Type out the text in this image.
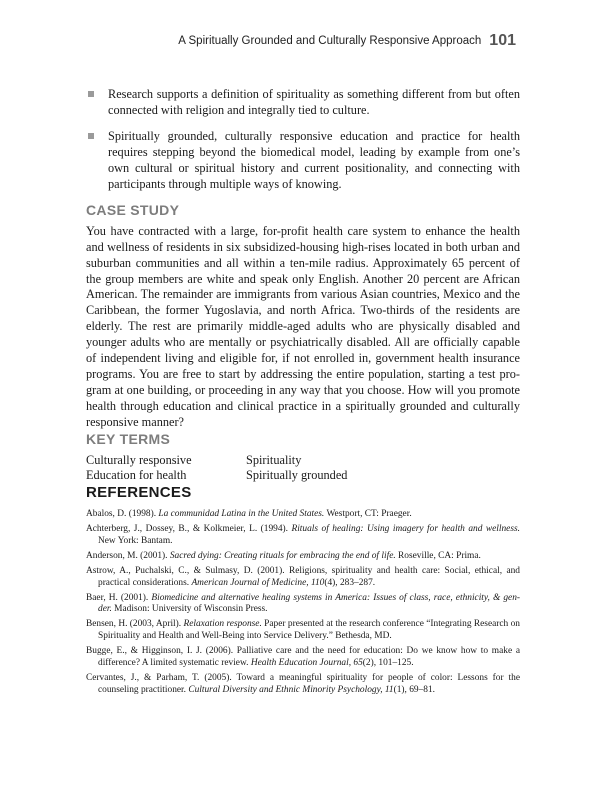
A Spiritually Grounded and Culturally Responsive Approach 101
Research supports a definition of spirituality as something different from but often connected with religion and integrally tied to culture.
Spiritually grounded, culturally responsive education and practice for health requires stepping beyond the biomedical model, leading by example from one’s own cultural or spiritual history and current positionality, and connecting with participants through multiple ways of knowing.
CASE STUDY

You have contracted with a large, for-profit health care system to enhance the health and wellness of residents in six subsidized-housing high-rises located in both urban and suburban communities and all within a ten-mile radius. Approximately 65 percent of the group members are white and speak only English. Another 20 percent are African American. The remainder are immigrants from various Asian countries, Mexico and the Caribbean, the former Yugoslavia, and north Africa. Two-thirds of the residents are elderly. The rest are primarily middle-aged adults who are physically disabled and younger adults who are mentally or psychiatrically disabled. All are officially capable of independent living and eligible for, if not enrolled in, government health insurance programs. You are free to start by addressing the entire population, starting a test pro-gram at one building, or proceeding in any way that you choose. How will you promote health through education and clinical practice in a spiritually grounded and culturally responsive manner?

KEY TERMS
Culturally responsive	Spirituality
Education for health	Spiritually grounded
REFERENCES
Abalos, D. (1998). La communidad Latina in the United States. Westport, CT: Praeger.
Achterberg, J., Dossey, B., & Kolkmeier, L. (1994). Rituals of healing: Using imagery for health and wellness. New York: Bantam.
Anderson, M. (2001). Sacred dying: Creating rituals for embracing the end of life. Roseville, CA: Prima.
Astrow, A., Puchalski, C., & Sulmasy, D. (2001). Religions, spirituality and health care: Social, ethical, and practical considerations. American Journal of Medicine, 110(4), 283–287.
Baer, H. (2001). Biomedicine and alternative healing systems in America: Issues of class, race, ethnicity, & gen-der. Madison: University of Wisconsin Press.
Bensen, H. (2003, April). Relaxation response. Paper presented at the research conference “Integrating Research on Spirituality and Health and Well-Being into Service Delivery.” Bethesda, MD.
Bugge, E., & Higginson, I. J. (2006). Palliative care and the need for education: Do we know how to make a difference? A limited systematic review. Health Education Journal, 65(2), 101–125.
Cervantes, J., & Parham, T. (2005). Toward a meaningful spirituality for people of color: Lessons for the counseling practitioner. Cultural Diversity and Ethnic Minority Psychology, 11(1), 69–81.
